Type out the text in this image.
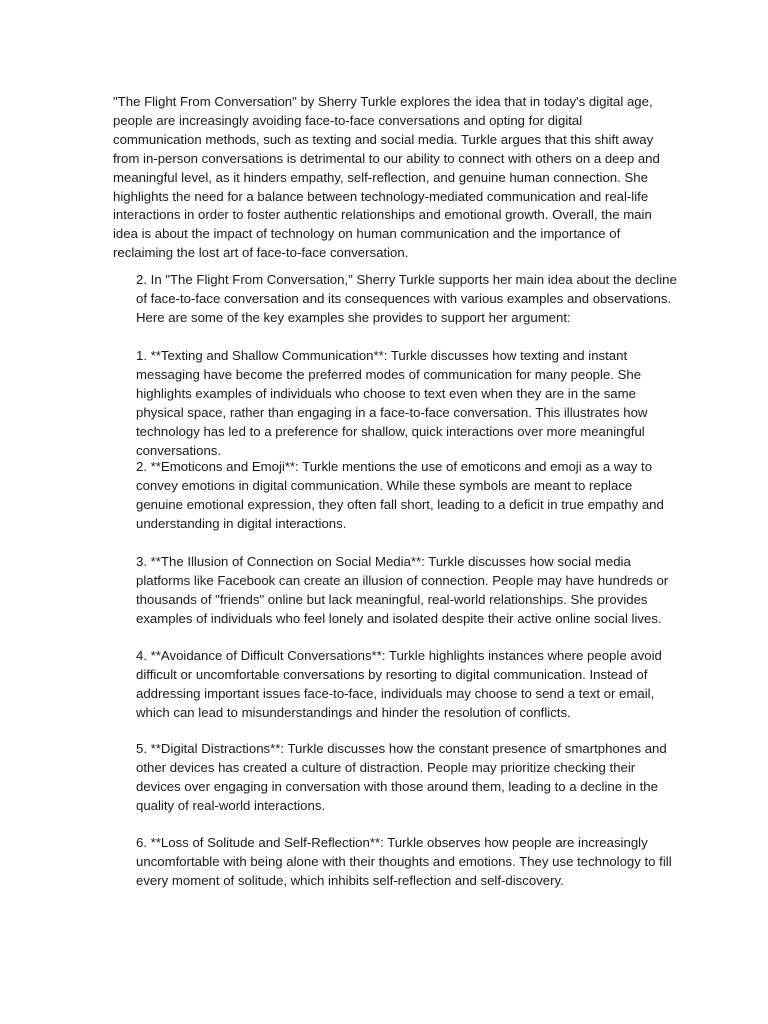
"The Flight From Conversation" by Sherry Turkle explores the idea that in today's digital age, people are increasingly avoiding face-to-face conversations and opting for digital communication methods, such as texting and social media. Turkle argues that this shift away from in-person conversations is detrimental to our ability to connect with others on a deep and meaningful level, as it hinders empathy, self-reflection, and genuine human connection. She highlights the need for a balance between technology-mediated communication and real-life interactions in order to foster authentic relationships and emotional growth. Overall, the main idea is about the impact of technology on human communication and the importance of reclaiming the lost art of face-to-face conversation.

2. In "The Flight From Conversation," Sherry Turkle supports her main idea about the decline of face-to-face conversation and its consequences with various examples and observations. Here are some of the key examples she provides to support her argument:

1. **Texting and Shallow Communication**: Turkle discusses how texting and instant messaging have become the preferred modes of communication for many people. She highlights examples of individuals who choose to text even when they are in the same physical space, rather than engaging in a face-to-face conversation. This illustrates how technology has led to a preference for shallow, quick interactions over more meaningful conversations.

2. **Emoticons and Emoji**: Turkle mentions the use of emoticons and emoji as a way to convey emotions in digital communication. While these symbols are meant to replace genuine emotional expression, they often fall short, leading to a deficit in true empathy and understanding in digital interactions.

3. **The Illusion of Connection on Social Media**: Turkle discusses how social media platforms like Facebook can create an illusion of connection. People may have hundreds or thousands of "friends" online but lack meaningful, real-world relationships. She provides examples of individuals who feel lonely and isolated despite their active online social lives.

4. **Avoidance of Difficult Conversations**: Turkle highlights instances where people avoid difficult or uncomfortable conversations by resorting to digital communication. Instead of addressing important issues face-to-face, individuals may choose to send a text or email, which can lead to misunderstandings and hinder the resolution of conflicts.

5. **Digital Distractions**: Turkle discusses how the constant presence of smartphones and other devices has created a culture of distraction. People may prioritize checking their devices over engaging in conversation with those around them, leading to a decline in the quality of real-world interactions.

6. **Loss of Solitude and Self-Reflection**: Turkle observes how people are increasingly uncomfortable with being alone with their thoughts and emotions. They use technology to fill every moment of solitude, which inhibits self-reflection and self-discovery.
